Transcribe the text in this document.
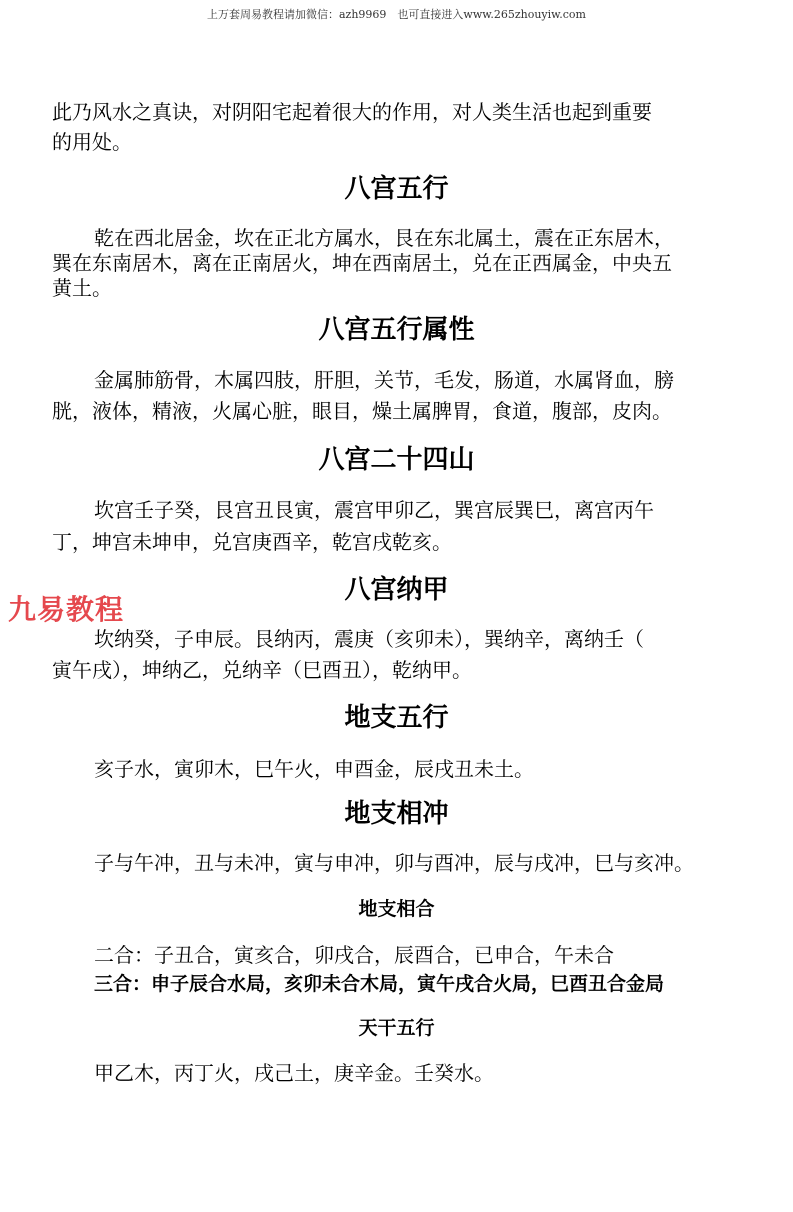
上万套周易教程请加微信：azh9969　也可直接进入www.265zhouyiw.com

此乃风水之真诀，对阴阳宅起着很大的作用，对人类生活也起到重要

的用处。

八宫五行

乾在西北居金，坎在正北方属水，艮在东北属土，震在正东居木，

巽在东南居木，离在正南居火，坤在西南居土，兑在正西属金，中央五

黄土。

八宫五行属性

金属肺筋骨，木属四肢，肝胆，关节，毛发，肠道，水属肾血，膀

胱，液体，精液，火属心脏，眼目，燥土属脾胃，食道，腹部，皮肉。

八宫二十四山

坎宫壬子癸，艮宫丑艮寅，震宫甲卯乙，巽宫辰巽巳，离宫丙午

丁，坤宫未坤申，兑宫庚酉辛，乾宫戌乾亥。

八宫纳甲
九易教程

坎纳癸，子申辰。艮纳丙，震庚（亥卯未），巽纳辛，离纳壬（

寅午戌），坤纳乙，兑纳辛（巳酉丑），乾纳甲。

地支五行

亥子水，寅卯木，巳午火，申酉金，辰戌丑未土。

地支相冲

子与午冲，丑与未冲，寅与申冲，卯与酉冲，辰与戌冲，巳与亥冲。

地支相合

二合：子丑合，寅亥合，卯戌合，辰酉合，已申合，午未合

三合：申子辰合水局，亥卯未合木局，寅午戌合火局，巳酉丑合金局

天干五行

甲乙木，丙丁火，戌己土，庚辛金。壬癸水。
